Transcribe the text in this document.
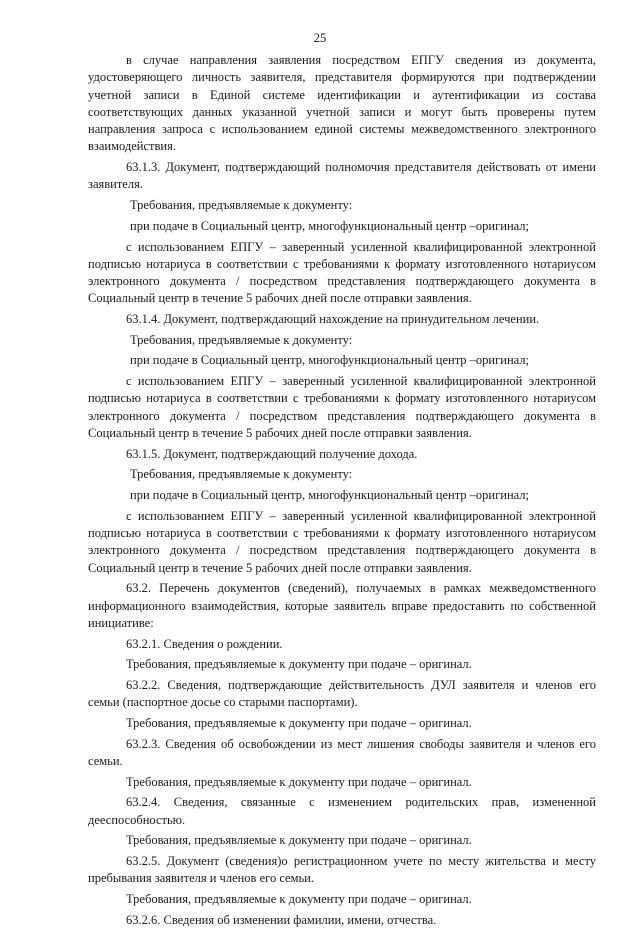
25

в случае направления заявления посредством ЕПГУ сведения из документа, удостоверяющего личность заявителя, представителя формируются при подтверждении учетной записи в Единой системе идентификации и аутентификации из состава соответствующих данных указанной учетной записи и могут быть проверены путем направления запроса с использованием единой системы межведомственного электронного взаимодействия.

63.1.3. Документ, подтверждающий полномочия представителя действовать от имени заявителя.

Требования, предъявляемые к документу:

при подаче в Социальный центр, многофункциональный центр –оригинал;

с использованием ЕПГУ – заверенный усиленной квалифицированной электронной подписью нотариуса в соответствии с требованиями к формату изготовленного нотариусом электронного документа / посредством представления подтверждающего документа в Социальный центр в течение 5 рабочих дней после отправки заявления.

63.1.4. Документ, подтверждающий нахождение на принудительном лечении.

Требования, предъявляемые к документу:

при подаче в Социальный центр, многофункциональный центр –оригинал;

с использованием ЕПГУ – заверенный усиленной квалифицированной электронной подписью нотариуса в соответствии с требованиями к формату изготовленного нотариусом электронного документа / посредством представления подтверждающего документа в Социальный центр в течение 5 рабочих дней после отправки заявления.

63.1.5. Документ, подтверждающий получение дохода.

Требования, предъявляемые к документу:

при подаче в Социальный центр, многофункциональный центр –оригинал;

с использованием ЕПГУ – заверенный усиленной квалифицированной электронной подписью нотариуса в соответствии с требованиями к формату изготовленного нотариусом электронного документа / посредством представления подтверждающего документа в Социальный центр в течение 5 рабочих дней после отправки заявления.

63.2. Перечень документов (сведений), получаемых в рамках межведомственного информационного взаимодействия, которые заявитель вправе предоставить по собственной инициативе:

63.2.1. Сведения о рождении.

Требования, предъявляемые к документу при подаче – оригинал.

63.2.2. Сведения, подтверждающие действительность ДУЛ заявителя и членов его семьи (паспортное досье со старыми паспортами).

Требования, предъявляемые к документу при подаче – оригинал.

63.2.3. Сведения об освобождении из мест лишения свободы заявителя и членов его семьи.

Требования, предъявляемые к документу при подаче – оригинал.

63.2.4. Сведения, связанные с изменением родительских прав, измененной дееспособностью.

Требования, предъявляемые к документу при подаче – оригинал.

63.2.5. Документ (сведения)о регистрационном учете по месту жительства и месту пребывания заявителя и членов его семьи.

Требования, предъявляемые к документу при подаче – оригинал.

63.2.6. Сведения об изменении фамилии, имени, отчества.
